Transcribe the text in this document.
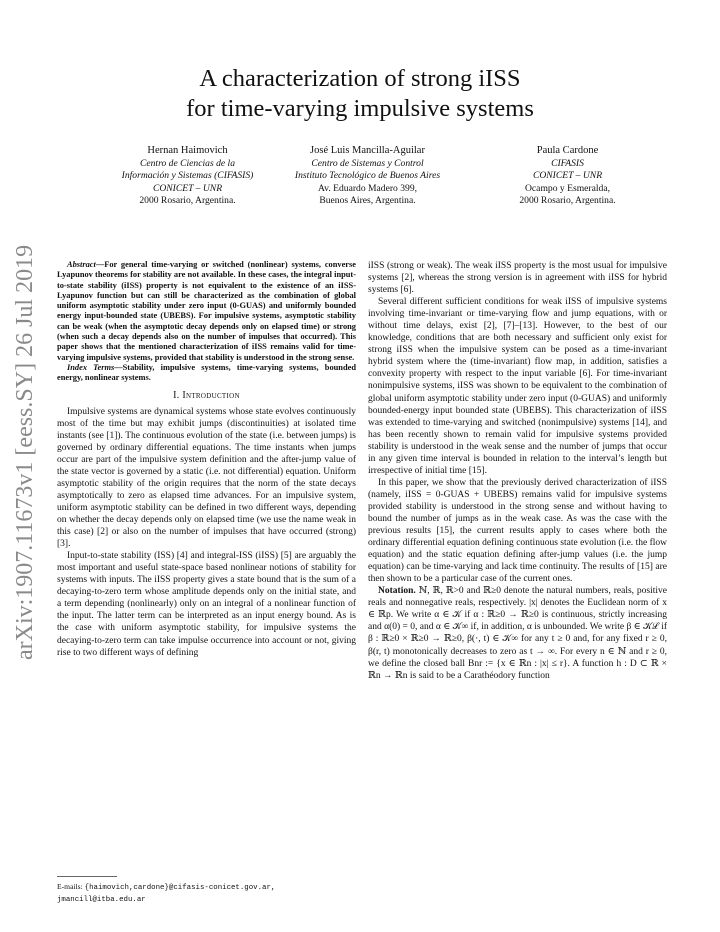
A characterization of strong iISS
for time-varying impulsive systems
Hernan Haimovich
Centro de Ciencias de la
Información y Sistemas (CIFASIS)
CONICET – UNR
2000 Rosario, Argentina.
José Luis Mancilla-Aguilar
Centro de Sistemas y Control
Instituto Tecnológico de Buenos Aires
Av. Eduardo Madero 399,
Buenos Aires, Argentina.
Paula Cardone
CIFASIS
CONICET – UNR
Ocampo y Esmeralda,
2000 Rosario, Argentina.
arXiv:1907.11673v1 [eess.SY] 26 Jul 2019	Abstract—For general time-varying or switched (nonlinear) systems, converse Lyapunov theorems for stability are not available. In these cases, the integral input-to-state stability (iISS) property is not equivalent to the existence of an iISS-Lyapunov function but can still be characterized as the combination of global uniform asymptotic stability under zero input (0-GUAS) and uniformly bounded energy input-bounded state (UBEBS). For impulsive systems, asymptotic stability can be weak (when the asymptotic decay depends only on elapsed time) or strong (when such a decay depends also on the number of impulses that occurred). This paper shows that the mentioned characterization of iISS remains valid for time-varying impulsive systems, provided that stability is understood in the strong sense.

Index Terms—Stability, impulsive systems, time-varying systems, bounded energy, nonlinear systems.

I. Introduction

Impulsive systems are dynamical systems whose state evolves continuously most of the time but may exhibit jumps (discontinuities) at isolated time instants (see [1]). The continuous evolution of the state (i.e. between jumps) is governed by ordinary differential equations. The time instants when jumps occur are part of the impulsive system definition and the after-jump value of the state vector is governed by a static (i.e. not differential) equation. Uniform asymptotic stability of the origin requires that the norm of the state decays asymptotically to zero as elapsed time advances. For an impulsive system, uniform asymptotic stability can be defined in two different ways, depending on whether the decay depends only on elapsed time (we use the name weak in this case) [2] or also on the number of impulses that have occurred (strong) [3].

Input-to-state stability (ISS) [4] and integral-ISS (iISS) [5] are arguably the most important and useful state-space based nonlinear notions of stability for systems with inputs. The iISS property gives a state bound that is the sum of a decaying-to-zero term whose amplitude depends only on the initial state, and a term depending (nonlinearly) only on an integral of a nonlinear function of the input. The latter term can be interpreted as an input energy bound. As is the case with uniform asymptotic stability, for impulsive systems the decaying-to-zero term can take impulse occurrence into account or not, giving rise to two different ways of defining

iISS (strong or weak). The weak iISS property is the most usual for impulsive systems [2], whereas the strong version is in agreement with iISS for hybrid systems [6].

Several different sufficient conditions for weak iISS of impulsive systems involving time-invariant or time-varying flow and jump equations, with or without time delays, exist [2], [7]–[13]. However, to the best of our knowledge, conditions that are both necessary and sufficient only exist for strong iISS when the impulsive system can be posed as a time-invariant hybrid system where the (time-invariant) flow map, in addition, satisfies a convexity property with respect to the input variable [6]. For time-invariant nonimpulsive systems, iISS was shown to be equivalent to the combination of global uniform asymptotic stability under zero input (0-GUAS) and uniformly bounded-energy input bounded state (UBEBS). This characterization of iISS was extended to time-varying and switched (nonimpulsive) systems [14], and has been recently shown to remain valid for impulsive systems provided stability is understood in the weak sense and the number of jumps that occur in any given time interval is bounded in relation to the interval’s length but irrespective of initial time [15].

In this paper, we show that the previously derived characterization of iISS (namely, iISS = 0-GUAS + UBEBS) remains valid for impulsive systems provided stability is understood in the strong sense and without having to bound the number of jumps as in the weak case. As was the case with the previous results [15], the current results apply to cases where both the ordinary differential equation defining continuous state evolution (i.e. the flow equation) and the static equation defining after-jump values (i.e. the jump equation) can be time-varying and lack time continuity. The results of [15] are then shown to be a particular case of the current ones.

Notation. ℕ, ℝ, ℝ>0 and ℝ≥0 denote the natural numbers, reals, positive reals and nonnegative reals, respectively. |x| denotes the Euclidean norm of x ∈ ℝp. We write α ∈ 𝒦 if α : ℝ≥0 → ℝ≥0 is continuous, strictly increasing and α(0) = 0, and α ∈ 𝒦∞ if, in addition, α is unbounded. We write β ∈ 𝒦ℒ if β : ℝ≥0 × ℝ≥0 → ℝ≥0, β(·, t) ∈ 𝒦∞ for any t ≥ 0 and, for any fixed r ≥ 0, β(r, t) monotonically decreases to zero as t → ∞. For every n ∈ ℕ and r ≥ 0, we define the closed ball Bnr := {x ∈ ℝn : |x| ≤ r}. A function h : D ⊂ ℝ × ℝn → ℝn is said to be a Carathéodory function

E-mails: {haimovich,cardone}@cifasis-conicet.gov.ar,
jmancill@itba.edu.ar
